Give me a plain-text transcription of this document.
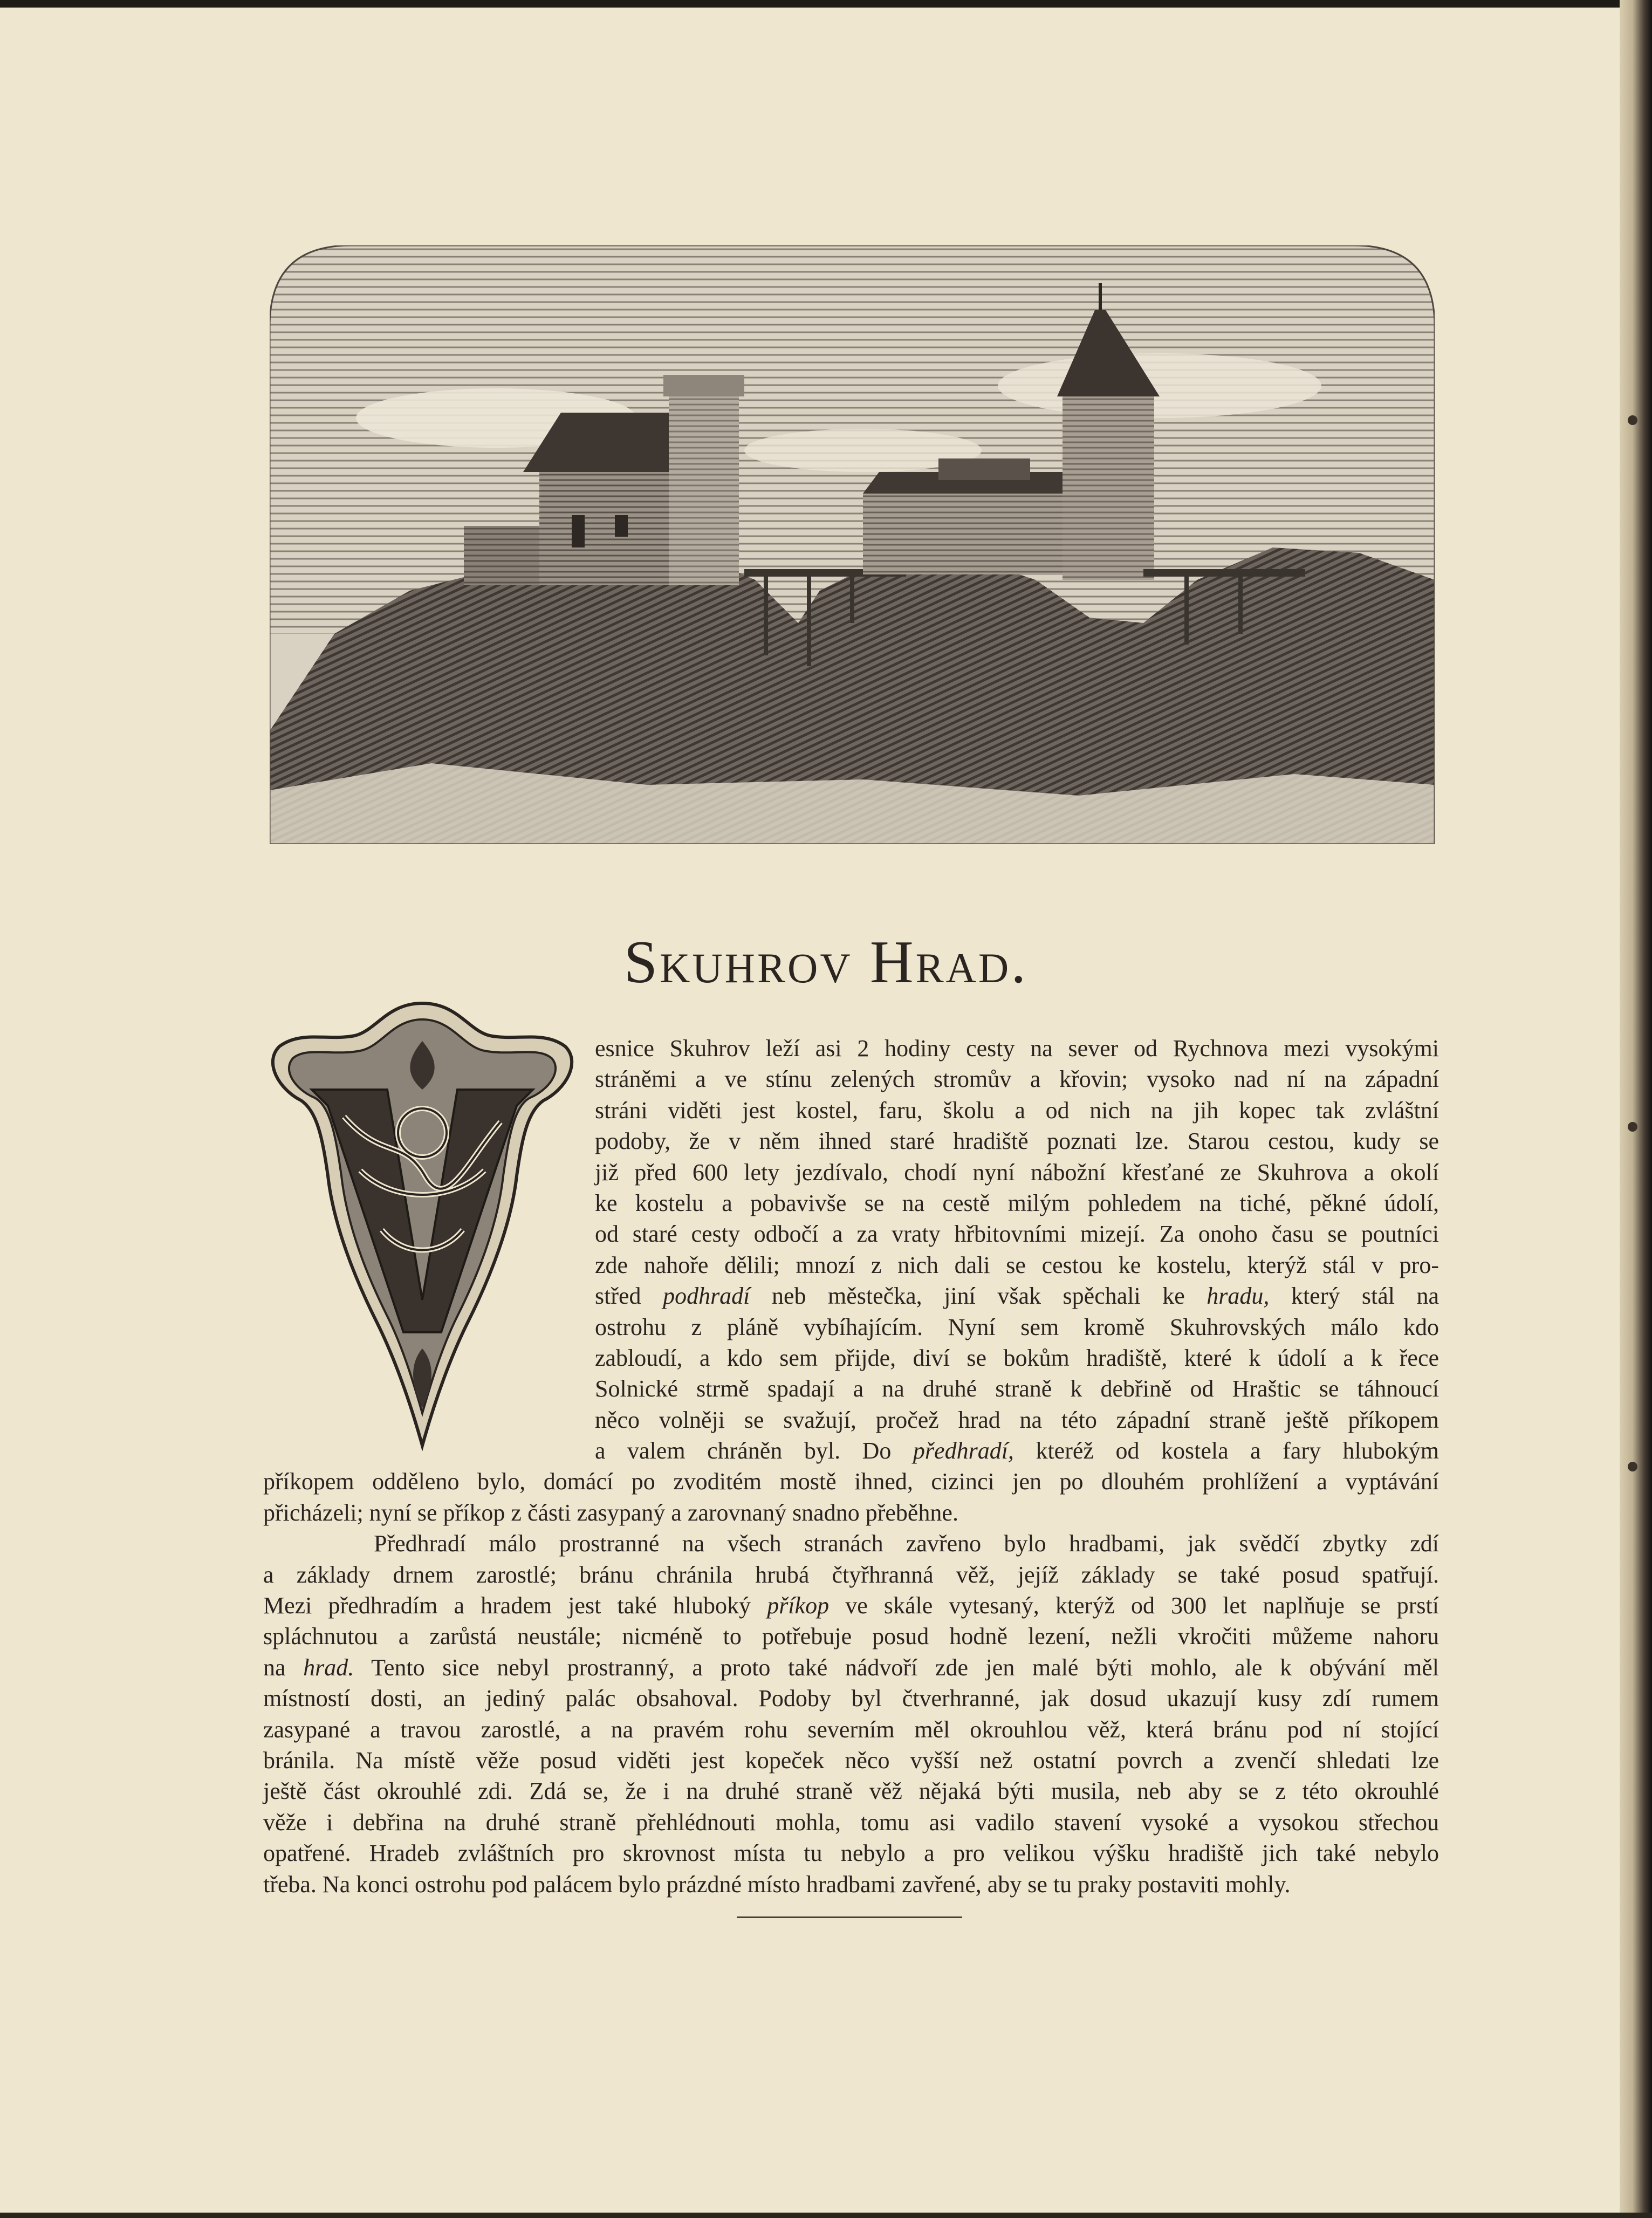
Skuhrov Hrad.
esnice Skuhrov leží asi 2 hodiny cesty na sever od Rychnova mezi vysokými
stráněmi a ve stínu zelených stromův a křovin; vysoko nad ní na západní
stráni viděti jest kostel, faru, školu a od nich na jih kopec tak zvláštní
podoby, že v něm ihned staré hradiště poznati lze. Starou cestou, kudy se
již před 600 lety jezdívalo, chodí nyní nábožní křesťané ze Skuhrova a okolí
ke kostelu a pobavivše se na cestě milým pohledem na tiché, pěkné údolí,
od staré cesty odbočí a za vraty hřbitovními mizejí. Za onoho času se poutníci
zde nahoře dělili; mnozí z nich dali se cestou ke kostelu, kterýž stál v pro-
střed podhradí neb městečka, jiní však spěchali ke hradu, který stál na
ostrohu z pláně vybíhajícím. Nyní sem kromě Skuhrovských málo kdo
zabloudí, a kdo sem přijde, diví se bokům hradiště, které k údolí a k řece
Solnické strmě spadají a na druhé straně k debřině od Hraštic se táhnoucí
něco volněji se svažují, pročež hrad na této západní straně ještě příkopem
a valem chráněn byl. Do předhradí, kteréž od kostela a fary hlubokým
příkopem odděleno bylo, domácí po zvoditém mostě ihned, cizinci jen po dlouhém prohlížení a vyptávání
přicházeli; nyní se příkop z části zasypaný a zarovnaný snadno přeběhne.
Předhradí málo prostranné na všech stranách zavřeno bylo hradbami, jak svědčí zbytky zdí
a základy drnem zarostlé; bránu chránila hrubá čtyřhranná věž, jejíž základy se také posud spatřují.
Mezi předhradím a hradem jest také hluboký příkop ve skále vytesaný, kterýž od 300 let naplňuje se prstí
spláchnutou a zarůstá neustále; nicméně to potřebuje posud hodně lezení, nežli vkročiti můžeme nahoru
na hrad. Tento sice nebyl prostranný, a proto také nádvoří zde jen malé býti mohlo, ale k obývání měl
místností dosti, an jediný palác obsahoval. Podoby byl čtverhranné, jak dosud ukazují kusy zdí rumem
zasypané a travou zarostlé, a na pravém rohu severním měl okrouhlou věž, která bránu pod ní stojící
bránila. Na místě věže posud viděti jest kopeček něco vyšší než ostatní povrch a zvenčí shledati lze
ještě část okrouhlé zdi. Zdá se, že i na druhé straně věž nějaká býti musila, neb aby se z této okrouhlé
věže i debřina na druhé straně přehlédnouti mohla, tomu asi vadilo stavení vysoké a vysokou střechou
opatřené. Hradeb zvláštních pro skrovnost místa tu nebylo a pro velikou výšku hradiště jich také nebylo
třeba. Na konci ostrohu pod palácem bylo prázdné místo hradbami zavřené, aby se tu praky postaviti mohly.
